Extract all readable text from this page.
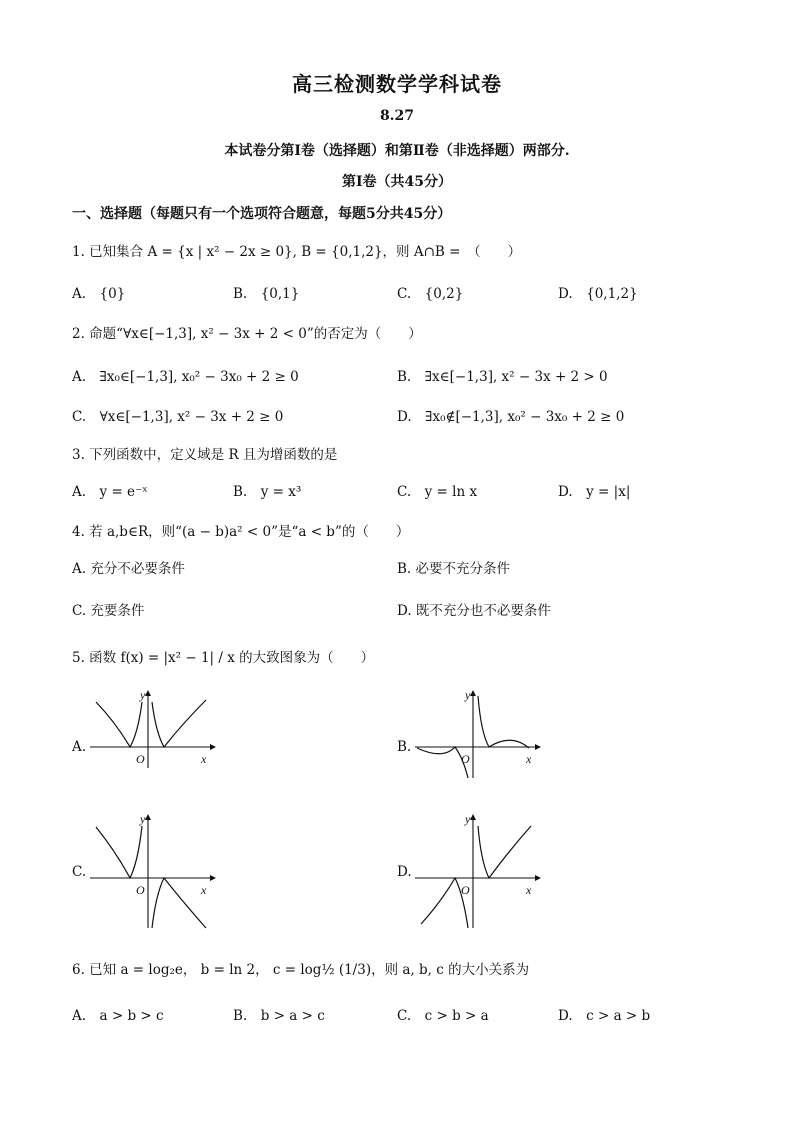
高三检测数学学科试卷
8.27
本试卷分第Ⅰ卷（选择题）和第Ⅱ卷（非选择题）两部分.
第Ⅰ卷（共45分）
一、选择题（每题只有一个选项符合题意，每题5分共45分）
1. 已知集合 A = {x | x² − 2x ≥ 0}, B = {0,1,2}，则 A∩B =　（　　）
A.　{0}	B.　{0,1}	C.　{0,2}	D.　{0,1,2}
2. 命题“∀x∈[−1,3], x² − 3x + 2 < 0”的否定为（　　）
A.　∃x₀∈[−1,3], x₀² − 3x₀ + 2 ≥ 0	B.　∃x∈[−1,3], x² − 3x + 2 > 0
C.　∀x∈[−1,3], x² − 3x + 2 ≥ 0	D.　∃x₀∉[−1,3], x₀² − 3x₀ + 2 ≥ 0
3. 下列函数中，定义域是 R 且为增函数的是
A.　y = e⁻ˣ	B.　y = x³	C.　y = ln x	D.　y = |x|
4. 若 a,b∈R，则“(a − b)a² < 0”是“a < b”的（　　）
A. 充分不必要条件	B. 必要不充分条件
C. 充要条件	D. 既不充分也不必要条件
5. 函数 f(x) = |x² − 1| / x 的大致图象为（　　）
A.
O	x
y
B.
O	x
y
C.
O	x
y
D.
O	x
y
6. 已知 a = log₂e， b = ln 2， c = log½ (1/3)，则 a, b, c 的大小关系为
A.　a > b > c	B.　b > a > c	C.　c > b > a	D.　c > a > b
